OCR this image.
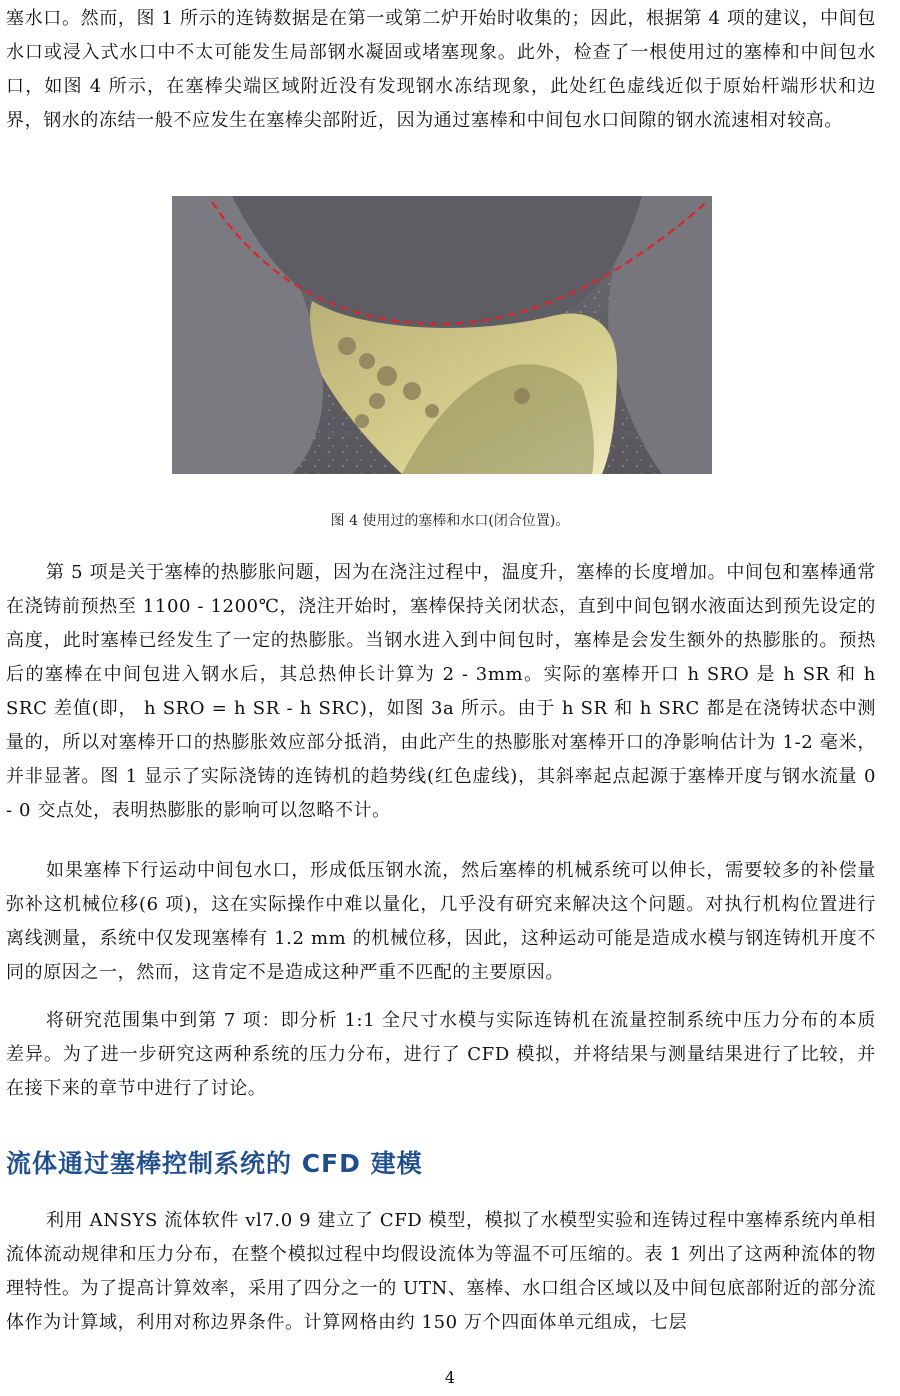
塞水口。然而，图 1 所示的连铸数据是在第一或第二炉开始时收集的；因此，根据第 4 项的建议，中间包水口或浸入式水口中不太可能发生局部钢水凝固或堵塞现象。此外，检查了一根使用过的塞棒和中间包水口，如图 4 所示，在塞棒尖端区域附近没有发现钢水冻结现象，此处红色虚线近似于原始杆端形状和边界，钢水的冻结一般不应发生在塞棒尖部附近，因为通过塞棒和中间包水口间隙的钢水流速相对较高。

图 4 使用过的塞棒和水口(闭合位置)。

第 5 项是关于塞棒的热膨胀问题，因为在浇注过程中，温度升，塞棒的长度增加。中间包和塞棒通常在浇铸前预热至 1100 - 1200℃，浇注开始时，塞棒保持关闭状态，直到中间包钢水液面达到预先设定的高度，此时塞棒已经发生了一定的热膨胀。当钢水进入到中间包时，塞棒是会发生额外的热膨胀的。预热后的塞棒在中间包进入钢水后，其总热伸长计算为 2 - 3mm。实际的塞棒开口 h SRO 是 h SR 和 h SRC 差值(即， h SRO = h SR - h SRC)，如图 3a 所示。由于 h SR 和 h SRC 都是在浇铸状态中测量的，所以对塞棒开口的热膨胀效应部分抵消，由此产生的热膨胀对塞棒开口的净影响估计为 1-2 毫米，并非显著。图 1 显示了实际浇铸的连铸机的趋势线(红色虚线)，其斜率起点起源于塞棒开度与钢水流量 0 - 0 交点处，表明热膨胀的影响可以忽略不计。

如果塞棒下行运动中间包水口，形成低压钢水流，然后塞棒的机械系统可以伸长，需要较多的补偿量弥补这机械位移(6 项)，这在实际操作中难以量化，几乎没有研究来解决这个问题。对执行机构位置进行离线测量，系统中仅发现塞棒有 1.2 mm 的机械位移，因此，这种运动可能是造成水模与钢连铸机开度不同的原因之一，然而，这肯定不是造成这种严重不匹配的主要原因。

将研究范围集中到第 7 项：即分析 1:1 全尺寸水模与实际连铸机在流量控制系统中压力分布的本质差异。为了进一步研究这两种系统的压力分布，进行了 CFD 模拟，并将结果与测量结果进行了比较，并在接下来的章节中进行了讨论。

流体通过塞棒控制系统的 CFD 建模

利用 ANSYS 流体软件 vl7.0 9 建立了 CFD 模型，模拟了水模型实验和连铸过程中塞棒系统内单相流体流动规律和压力分布，在整个模拟过程中均假设流体为等温不可压缩的。表 1 列出了这两种流体的物理特性。为了提高计算效率，采用了四分之一的 UTN、塞棒、水口组合区域以及中间包底部附近的部分流体作为计算域，利用对称边界条件。计算网格由约 150 万个四面体单元组成，七层

4
